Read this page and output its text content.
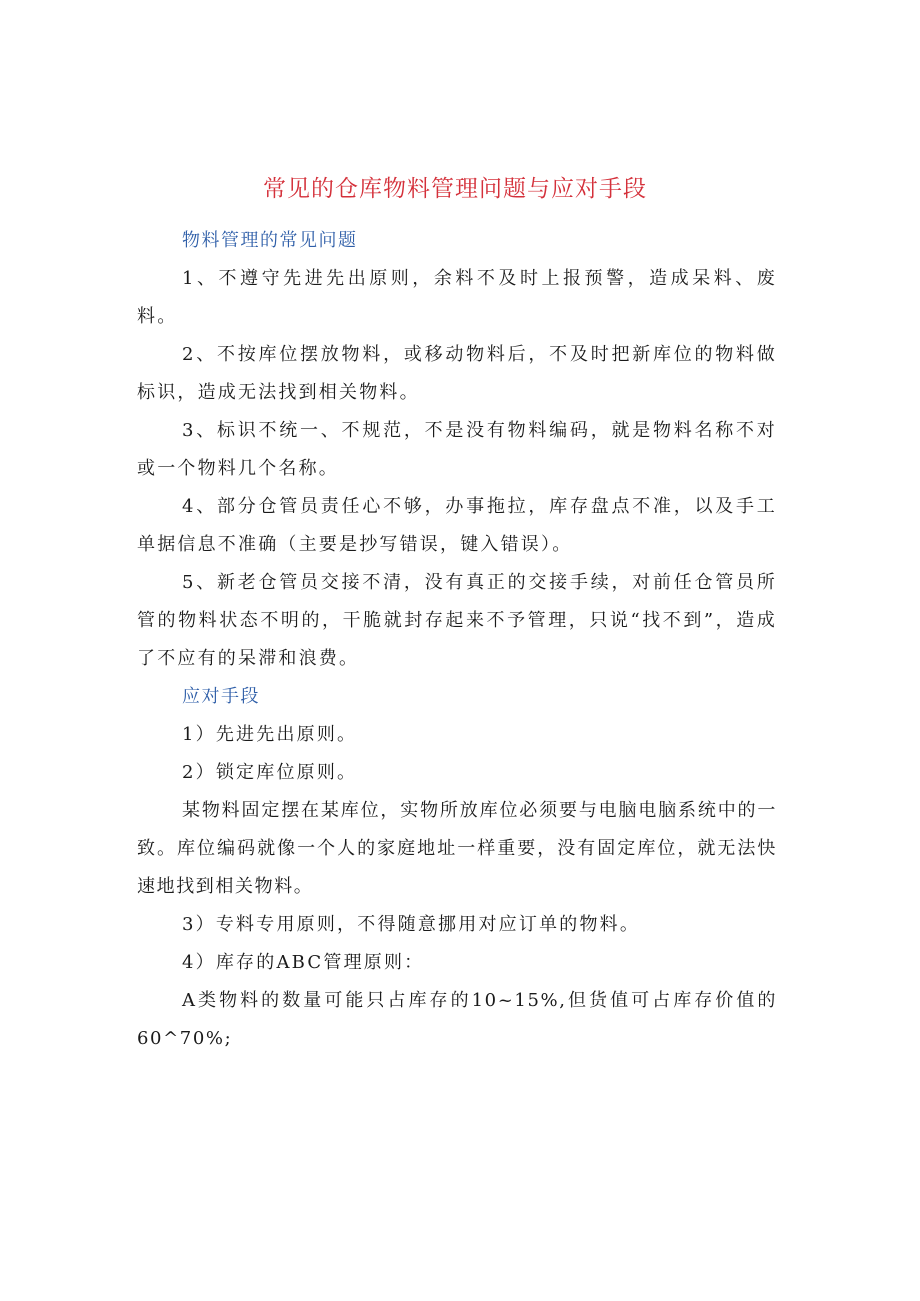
常见的仓库物料管理问题与应对手段
物料管理的常见问题

1、不遵守先进先出原则，余料不及时上报预警，造成呆料、废料。

2、不按库位摆放物料，或移动物料后，不及时把新库位的物料做标识，造成无法找到相关物料。

3、标识不统一、不规范，不是没有物料编码，就是物料名称不对或一个物料几个名称。

4、部分仓管员责任心不够，办事拖拉，库存盘点不准，以及手工单据信息不准确（主要是抄写错误，键入错误）。

5、新老仓管员交接不清，没有真正的交接手续，对前任仓管员所管的物料状态不明的，干脆就封存起来不予管理，只说“找不到”，造成了不应有的呆滞和浪费。

应对手段

1）先进先出原则。

2）锁定库位原则。

某物料固定摆在某库位，实物所放库位必须要与电脑电脑系统中的一致。库位编码就像一个人的家庭地址一样重要，没有固定库位，就无法快速地找到相关物料。

3）专料专用原则，不得随意挪用对应订单的物料。

4）库存的ABC管理原则：

A类物料的数量可能只占库存的10~15%,但货值可占库存价值的60^70%;
